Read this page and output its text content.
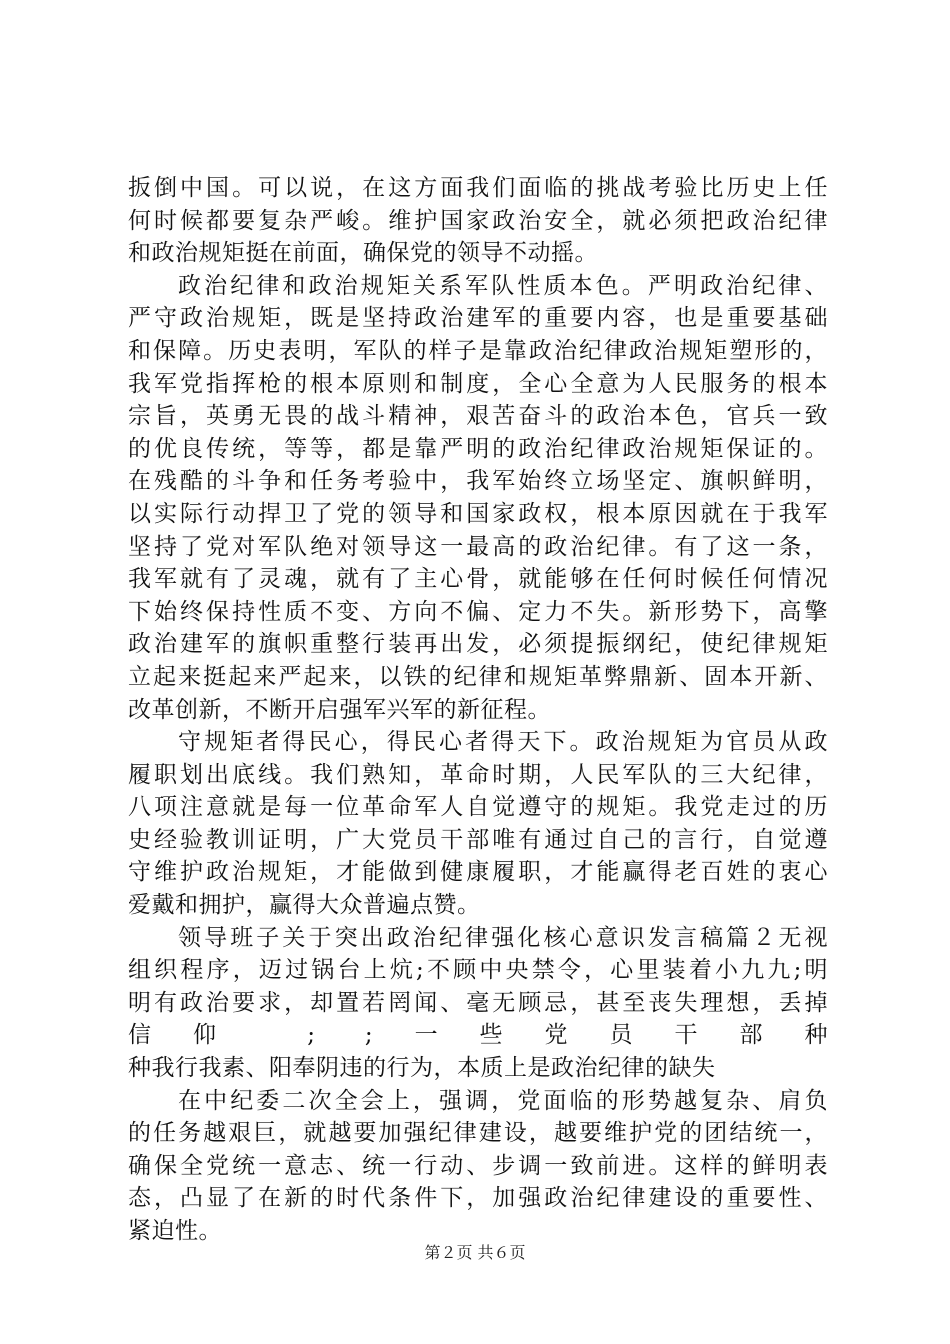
扳倒中国。可以说，在这方面我们面临的挑战考验比历史上任
何时候都要复杂严峻。维护国家政治安全，就必须把政治纪律
和政治规矩挺在前面，确保党的领导不动摇。
政治纪律和政治规矩关系军队性质本色。严明政治纪律、
严守政治规矩，既是坚持政治建军的重要内容，也是重要基础
和保障。历史表明，军队的样子是靠政治纪律政治规矩塑形的，
我军党指挥枪的根本原则和制度，全心全意为人民服务的根本
宗旨，英勇无畏的战斗精神，艰苦奋斗的政治本色，官兵一致
的优良传统，等等，都是靠严明的政治纪律政治规矩保证的。
在残酷的斗争和任务考验中，我军始终立场坚定、旗帜鲜明，
以实际行动捍卫了党的领导和国家政权，根本原因就在于我军
坚持了党对军队绝对领导这一最高的政治纪律。有了这一条，
我军就有了灵魂，就有了主心骨，就能够在任何时候任何情况
下始终保持性质不变、方向不偏、定力不失。新形势下，高擎
政治建军的旗帜重整行装再出发，必须提振纲纪，使纪律规矩
立起来挺起来严起来，以铁的纪律和规矩革弊鼎新、固本开新、
改革创新，不断开启强军兴军的新征程。
守规矩者得民心，得民心者得天下。政治规矩为官员从政
履职划出底线。我们熟知，革命时期，人民军队的三大纪律，
八项注意就是每一位革命军人自觉遵守的规矩。我党走过的历
史经验教训证明，广大党员干部唯有通过自己的言行，自觉遵
守维护政治规矩，才能做到健康履职，才能赢得老百姓的衷心
爱戴和拥护，赢得大众普遍点赞。
领导班子关于突出政治纪律强化核心意识发言稿篇２无视
组织程序，迈过锅台上炕;不顾中央禁令，心里装着小九九;明
明有政治要求，却置若罔闻、毫无顾忌，甚至丧失理想，丢掉
信仰 ; ;一些党员干部种
种我行我素、阳奉阴违的行为，本质上是政治纪律的缺失
在中纪委二次全会上，强调，党面临的形势越复杂、肩负
的任务越艰巨，就越要加强纪律建设，越要维护党的团结统一，
确保全党统一意志、统一行动、步调一致前进。这样的鲜明表
态，凸显了在新的时代条件下，加强政治纪律建设的重要性、
紧迫性。
第２页 共６页
